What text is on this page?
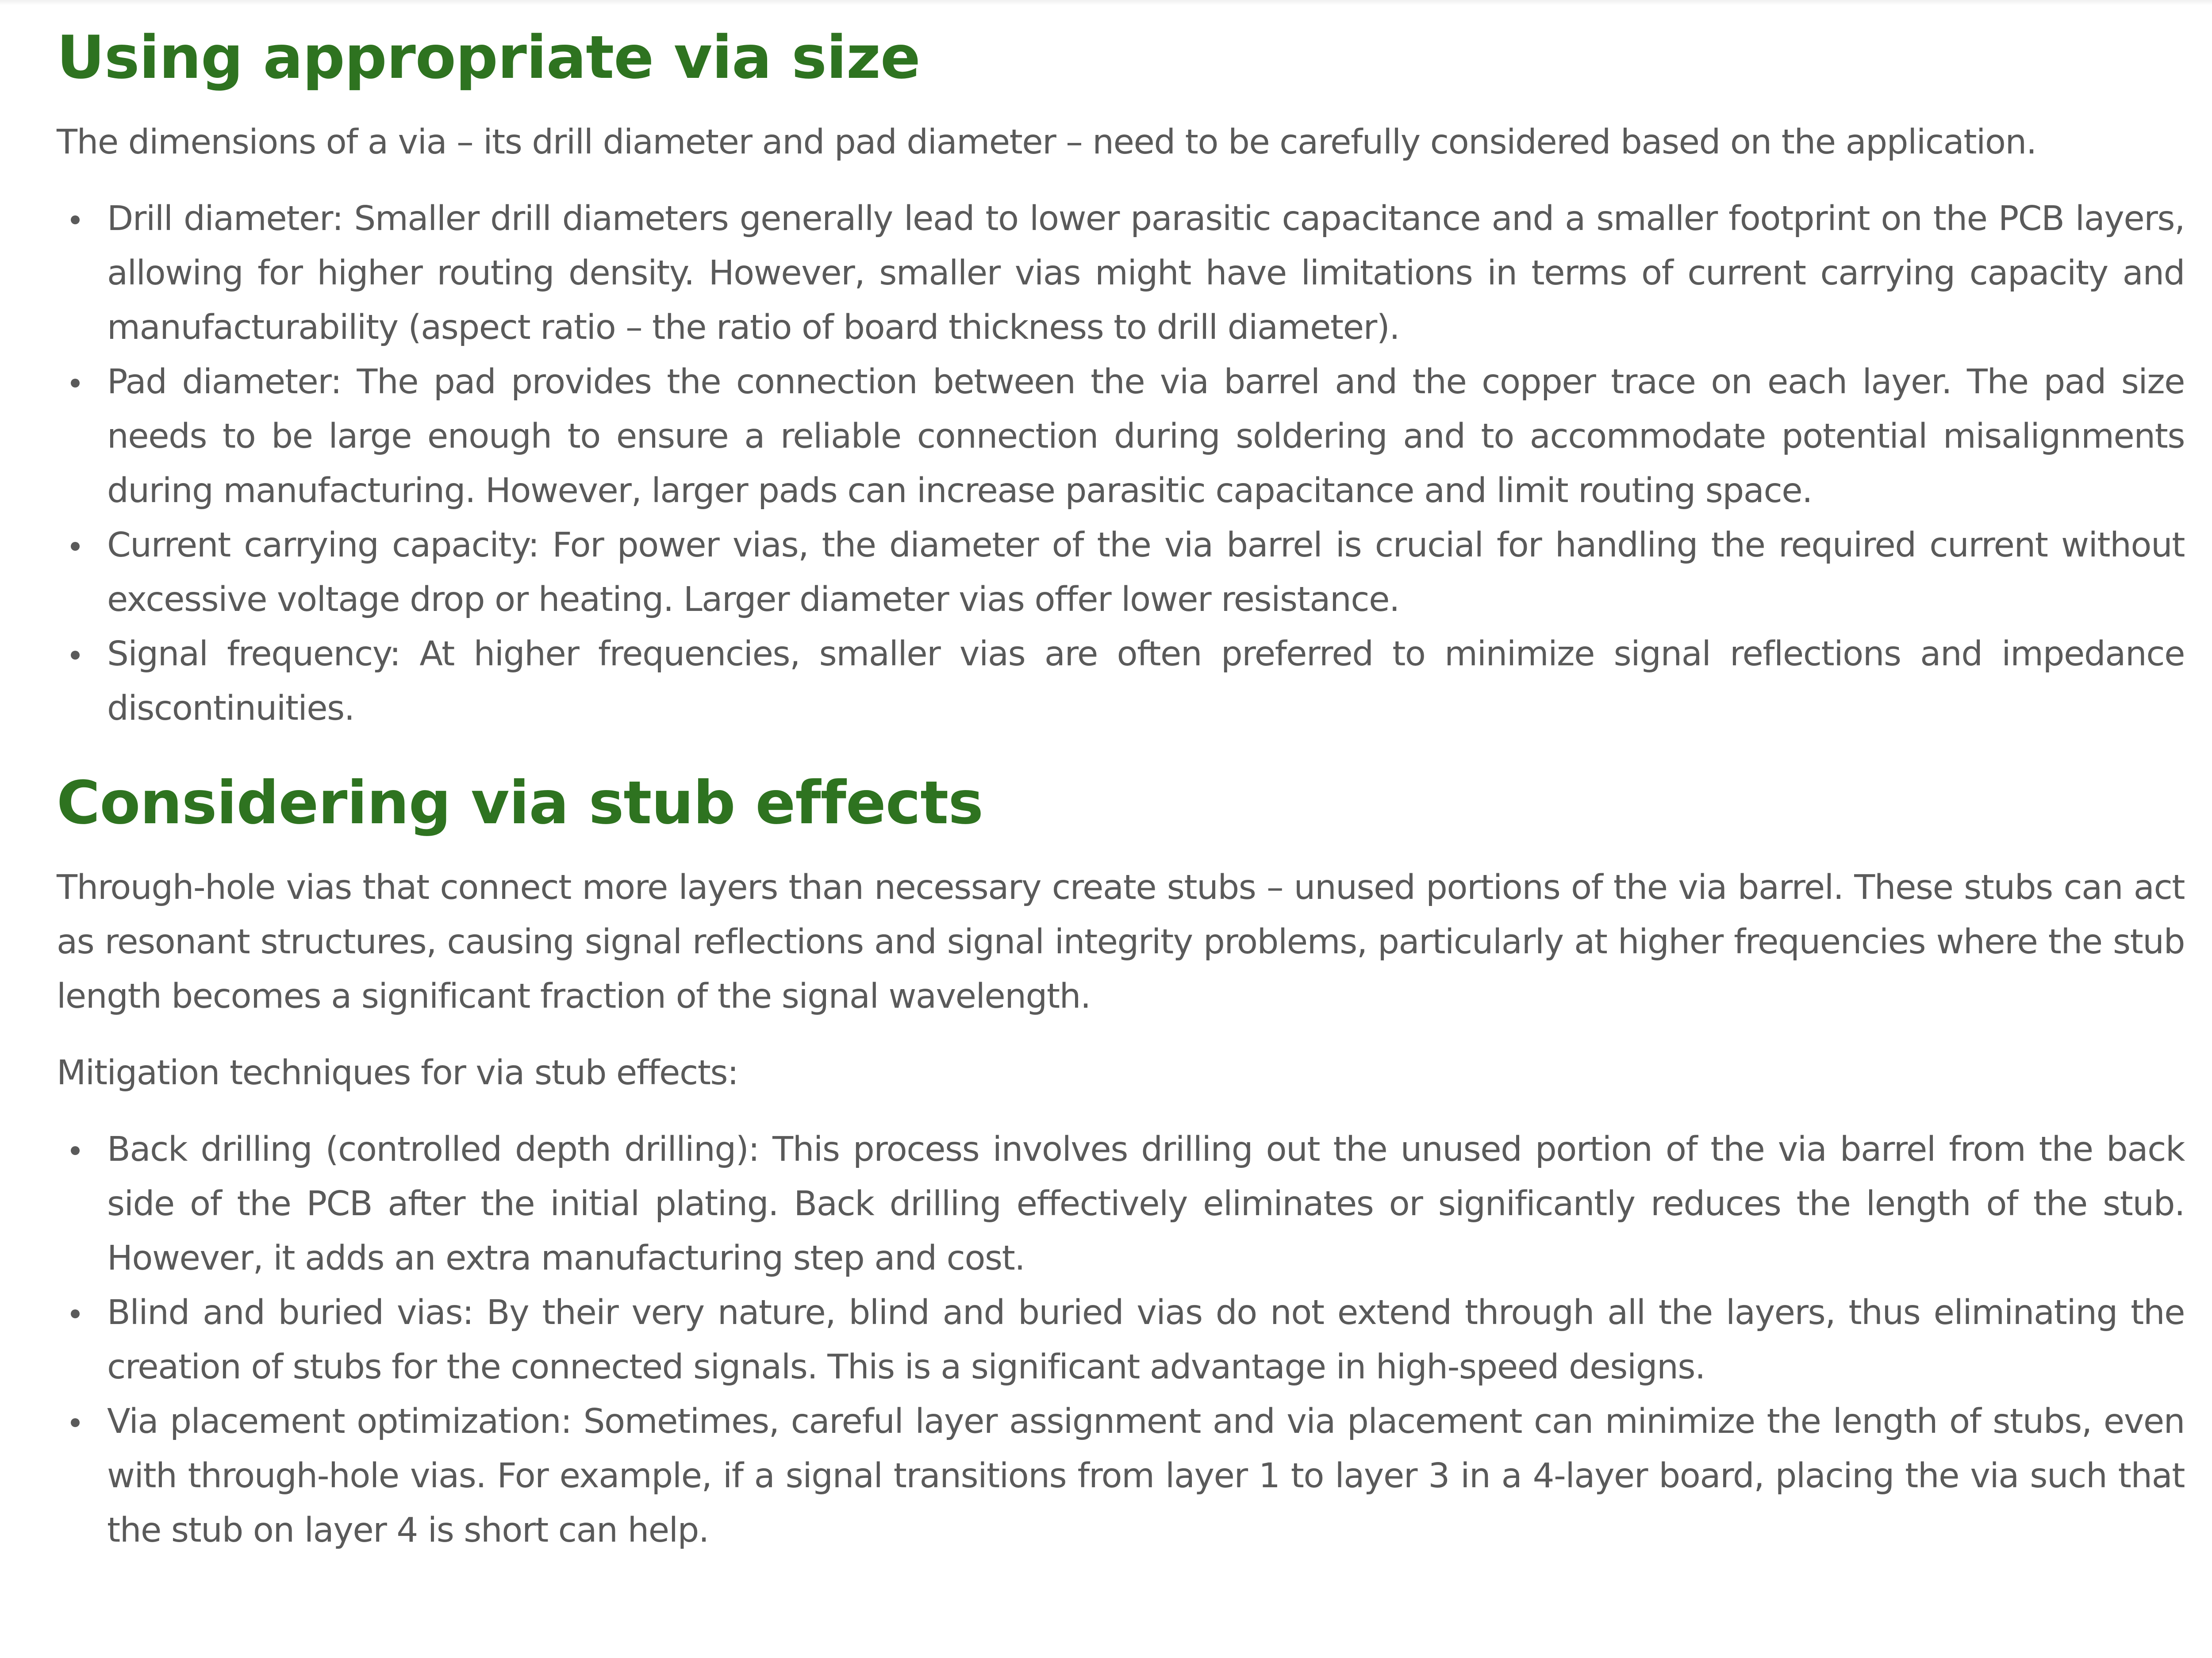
Using appropriate via size

The dimensions of a via – its drill diameter and pad diameter – need to be carefully considered based on the application.

Drill diameter: Smaller drill diameters generally lead to lower parasitic capacitance and a smaller footprint on the PCB layers, allowing for higher routing density. However, smaller vias might have limitations in terms of current carrying capacity and manufacturability (aspect ratio – the ratio of board thickness to drill diameter).
Pad diameter: The pad provides the connection between the via barrel and the copper trace on each layer. The pad size needs to be large enough to ensure a reliable connection during soldering and to accommodate potential misalignments during manufacturing. However, larger pads can increase parasitic capacitance and limit routing space.
Current carrying capacity: For power vias, the diameter of the via barrel is crucial for handling the required current without excessive voltage drop or heating. Larger diameter vias offer lower resistance.
Signal frequency: At higher frequencies, smaller vias are often preferred to minimize signal reflections and impedance discontinuities.
Considering via stub effects

Through-hole vias that connect more layers than necessary create stubs – unused portions of the via barrel. These stubs can act as resonant structures, causing signal reflections and signal integrity problems, particularly at higher frequencies where the stub length becomes a significant fraction of the signal wavelength.

Mitigation techniques for via stub effects:

Back drilling (controlled depth drilling): This process involves drilling out the unused portion of the via barrel from the back side of the PCB after the initial plating. Back drilling effectively eliminates or significantly reduces the length of the stub. However, it adds an extra manufacturing step and cost.
Blind and buried vias: By their very nature, blind and buried vias do not extend through all the layers, thus eliminating the creation of stubs for the connected signals. This is a significant advantage in high-speed designs.
Via placement optimization: Sometimes, careful layer assignment and via placement can minimize the length of stubs, even with through-hole vias. For example, if a signal transitions from layer 1 to layer 3 in a 4-layer board, placing the via such that the stub on layer 4 is short can help.
